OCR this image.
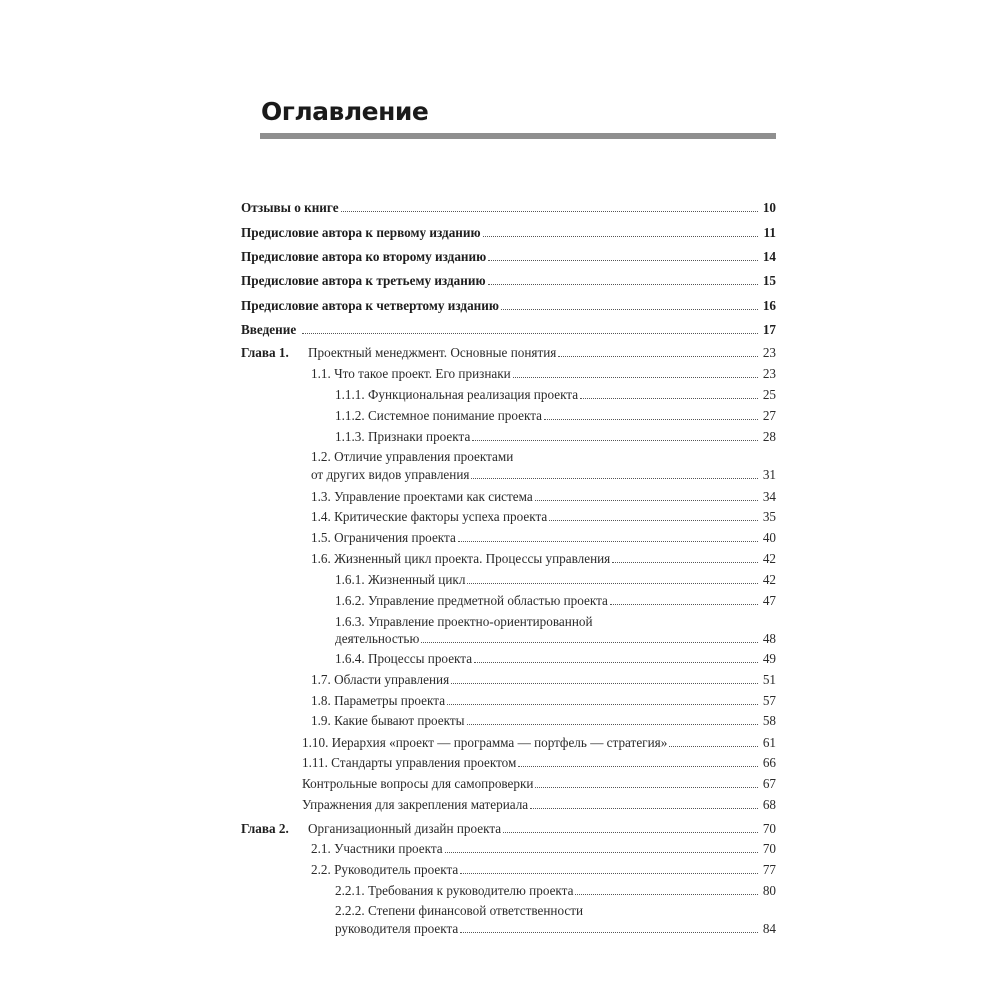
Оглавление
Отзывы о книге	10
Предисловие автора к первому изданию	11
Предисловие автора ко второму изданию	14
Предисловие автора к третьему изданию	15
Предисловие автора к четвертому изданию	16
Введение	17
Глава 1. Проектный менеджмент. Основные понятия	23
1.1. Что такое проект. Его признаки	23
1.1.1. Функциональная реализация проекта	25
1.1.2. Системное понимание проекта	27
1.1.3. Признаки проекта	28
1.2. Отличие управления проектами
от других видов управления	31
1.3. Управление проектами как система	34
1.4. Критические факторы успеха проекта	35
1.5. Ограничения проекта	40
1.6. Жизненный цикл проекта. Процессы управления	42
1.6.1. Жизненный цикл	42
1.6.2. Управление предметной областью проекта	47
1.6.3. Управление проектно-ориентированной
деятельностью	48
1.6.4. Процессы проекта	49
1.7. Области управления	51
1.8. Параметры проекта	57
1.9. Какие бывают проекты	58
1.10. Иерархия «проект — программа — портфель — стратегия»	61
1.11. Стандарты управления проектом	66
Контрольные вопросы для самопроверки	67
Упражнения для закрепления материала	68
Глава 2. Организационный дизайн проекта	70
2.1. Участники проекта	70
2.2. Руководитель проекта	77
2.2.1. Требования к руководителю проекта	80
2.2.2. Степени финансовой ответственности
руководителя проекта	84
